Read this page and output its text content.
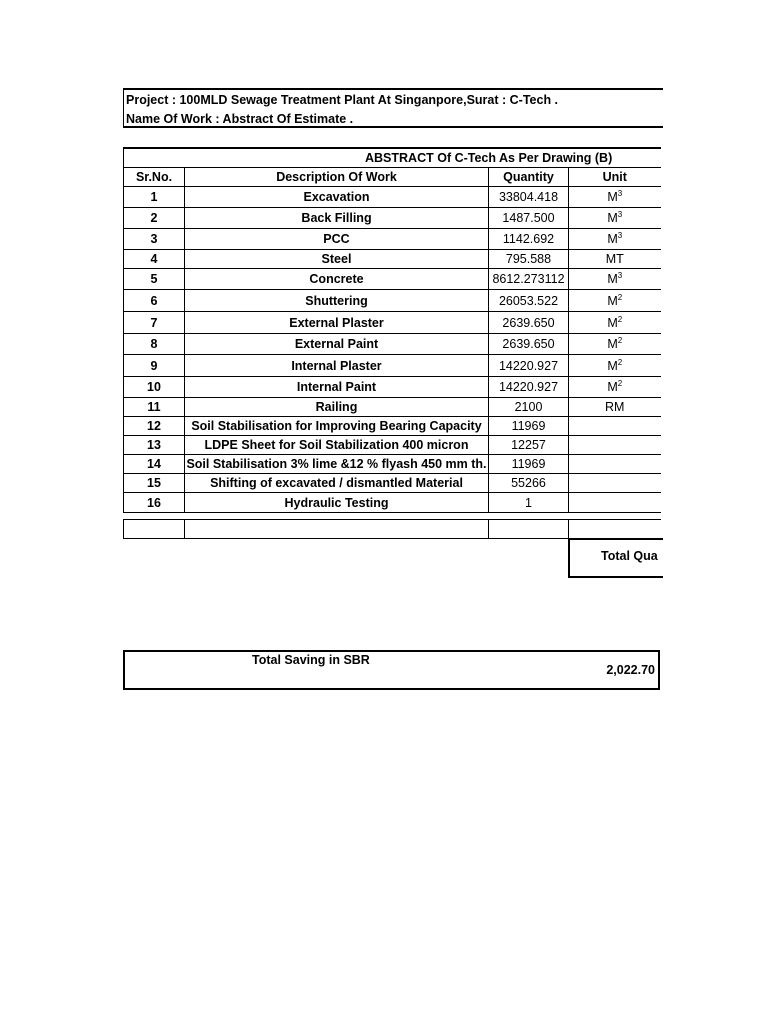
Project : 100MLD Sewage Treatment Plant At Singanpore,Surat : C-Tech .
Name Of Work : Abstract Of Estimate .
ABSTRACT Of C-Tech As Per Drawing (B)			
Sr.No.	Description Of Work	Quantity	Unit
1	Excavation	33804.418	$M^3$
2	Back Filling	1487.500	$M^3$
3	PCC	1142.692	$M^3$
4	Steel	795.588	MT
5	Concrete	8612.273112	$M^3$
6	Shuttering	26053.522	$M^2$
7	External Plaster	2639.650	$M^2$
8	External Paint	2639.650	$M^2$
9	Internal Plaster	14220.927	$M^2$
10	Internal Paint	14220.927	$M^2$
11	Railing	2100	RM
12	Soil Stabilisation for Improving Bearing Capacity	11969	
13	LDPE Sheet for Soil Stabilization 400 micron	12257	
14	Soil Stabilisation 3% lime &12 % flyash 450 mm th.	11969	
15	Shifting of excavated / dismantled Material	55266	
16	Hydraulic Testing	1	

Total Qua
Total Saving in SBR
2,022.70
